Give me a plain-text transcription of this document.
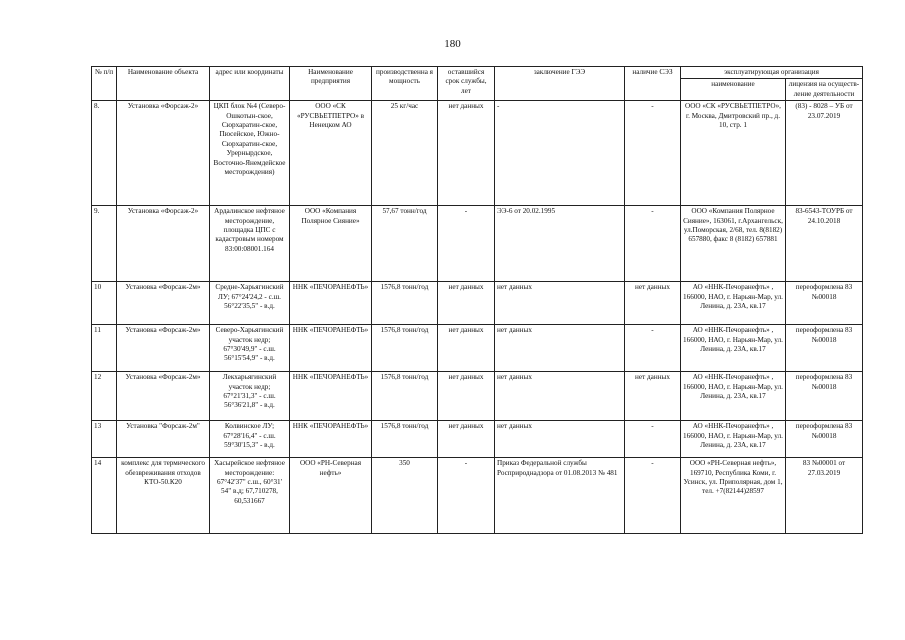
180
№ п/п	Наименование объекта	адрес или координаты	Наименование предприятия	производственна я мощность	оставшийся срок службы, лет	заключение ГЭЭ	наличие СЭЗ	эксплуатирующая организация	
								наименование	лицензия на осуществ-ление деятельности
8.	Установка «Форсаж-2»	ЦКП блок №4 (Северо-Ошкотын-ское, Сюрхаратин-ское, Пюсейское, Южно-Сюрхаратин-ское, Урернырдское, Восточно-Янемдейское месторождения)	ООО «СК «РУСВЬЕТПЕТРО» в Ненецком АО	25 кг/час	нет данных	-	-	ООО «СК «РУСВЬЕТПЕТРО», г. Москва, Дмитровский пр., д. 10, стр. 1	(83) - 8028 – УБ от 23.07.2019
9.	Установка «Форсаж-2»	Ардалинское нефтяное месторождение, площадка ЦПС с кадастровым номером 83:00:08001.164	ООО «Компания Полярное Сияние»	57,67 тонн/год	-	ЭЭ-6 от 20.02.1995	-	ООО «Компания Полярное Сияние», 163061, г.Архангельск, ул.Поморская, 2/68, тел. 8(8182) 657880, факс 8 (8182) 657881	83-6543-ТОУРБ от 24.10.2018
10	Установка «Форсаж-2м»	Средне-Харьягинский ЛУ; 67°24'24,2 - с.ш. 56°22'35,5" - в.д.	ННК «ПЕЧОРАНЕФТЬ»	1576,8 тонн/год	нет данных	нет данных	нет данных	АО «ННК-Печоранефть» , 166000, НАО, г. Нарьян-Мар, ул. Ленина, д. 23А, кв.17	переоформлена 83 №00018
11	Установка «Форсаж-2м»	Северо-Харьягинский участок недр; 67°30'49,9" - с.ш. 56°15'54,9" - в.д.	ННК «ПЕЧОРАНЕФТЬ»	1576,8 тонн/год	нет данных	нет данных	-	АО «ННК-Печоранефть» , 166000, НАО, г. Нарьян-Мар, ул. Ленина, д. 23А, кв.17	переоформлена 83 №00018
12	Установка «Форсаж-2м»	Лекхарьягинский участок недр; 67°21'31,3" - с.ш. 56°36'21,8" - в.д.	ННК «ПЕЧОРАНЕФТЬ»	1576,8 тонн/год	нет данных	нет данных	нет данных	АО «ННК-Печоранефть» , 166000, НАО, г. Нарьян-Мар, ул. Ленина, д. 23А, кв.17	переоформлена 83 №00018
13	Установка "Форсаж-2м"	Колвинское ЛУ; 67°28'16,4" - с.ш. 59°30'15,3" - в.д.	ННК «ПЕЧОРАНЕФТЬ»	1576,8 тонн/год	нет данных	нет данных	-	АО «ННК-Печоранефть» , 166000, НАО, г. Нарьян-Мар, ул. Ленина, д. 23А, кв.17	переоформлена 83 №00018
14	комплекс для термического обезвреживания отходов КТО-50.К20	Хасырейское нефтяное месторождение: 67°42'37" с.ш., 60°31' 54" в.д; 67,710278, 60,531667	ООО «РН-Северная нефть»	350	-	Приказ Федеральной службы Росприроднадзора от 01.08.2013 № 481	-	ООО «РН-Северная нефть», 169710, Республика Коми, г. Усинск, ул. Приполярная, дом 1, тел. +7(82144)28597	83 №00001 от 27.03.2019
